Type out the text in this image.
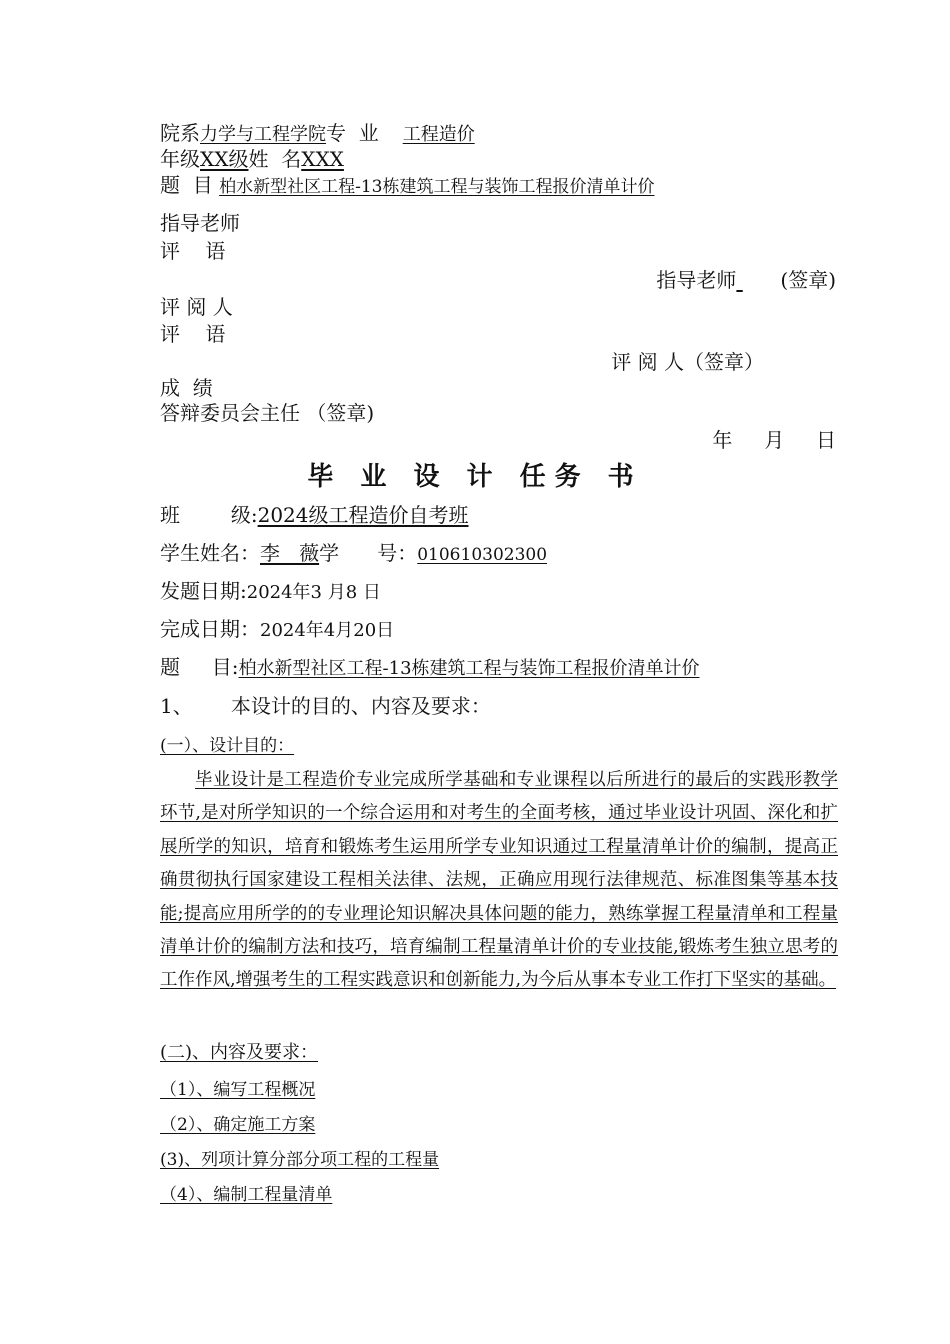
院系力学与工程学院专  业 工程造价
年级XX级姓  名XXX
题  目 柏水新型社区工程-13栋建筑工程与装饰工程报价清单计价
指导老师
评    语
指导老师 (签章)
评 阅 人
评    语
评 阅 人（签章）
成  绩
答辩委员会主任 （签章)
年     月     日
毕 业 设 计 任务 书
班        级:2024级工程造价自考班
学生姓名：李   薇学      号：010610302300
发题日期:2024年3 月8 日
完成日期：2024年4月20日
题     目:柏水新型社区工程-13栋建筑工程与装饰工程报价清单计价
1、      本设计的目的、内容及要求：
(一）、设计目的：
毕业设计是工程造价专业完成所学基础和专业课程以后所进行的最后的实践形教学环节,是对所学知识的一个综合运用和对考生的全面考核，通过毕业设计巩固、深化和扩展所学的知识，培育和锻炼考生运用所学专业知识通过工程量清单计价的编制，提高正确贯彻执行国家建设工程相关法律、法规，正确应用现行法律规范、标准图集等基本技能;提高应用所学的的专业理论知识解决具体问题的能力，熟练掌握工程量清单和工程量清单计价的编制方法和技巧，培育编制工程量清单计价的专业技能,锻炼考生独立思考的工作作风,增强考生的工程实践意识和创新能力,为今后从事本专业工作打下坚实的基础。
(二)、内容及要求：
（1）、编写工程概况
（2）、确定施工方案
(3)、列项计算分部分项工程的工程量
（4）、编制工程量清单
